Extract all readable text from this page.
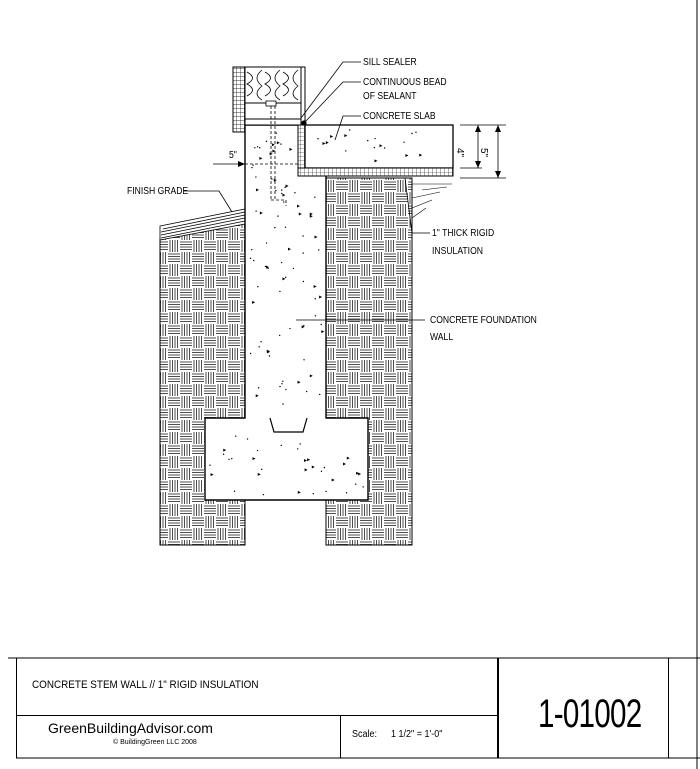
SILL SEALER
CONTINUOUS BEAD
OF SEALANT
CONCRETE SLAB
FINISH GRADE
1" THICK RIGID
INSULATION
CONCRETE FOUNDATION
WALL
5"	4" 5"
CONCRETE STEM WALL // 1" RIGID INSULATION
GreenBuildingAdvisor.com
© BuildingGreen LLC 2008
Scale: 1 1/2" = 1'-0" 1-01002
